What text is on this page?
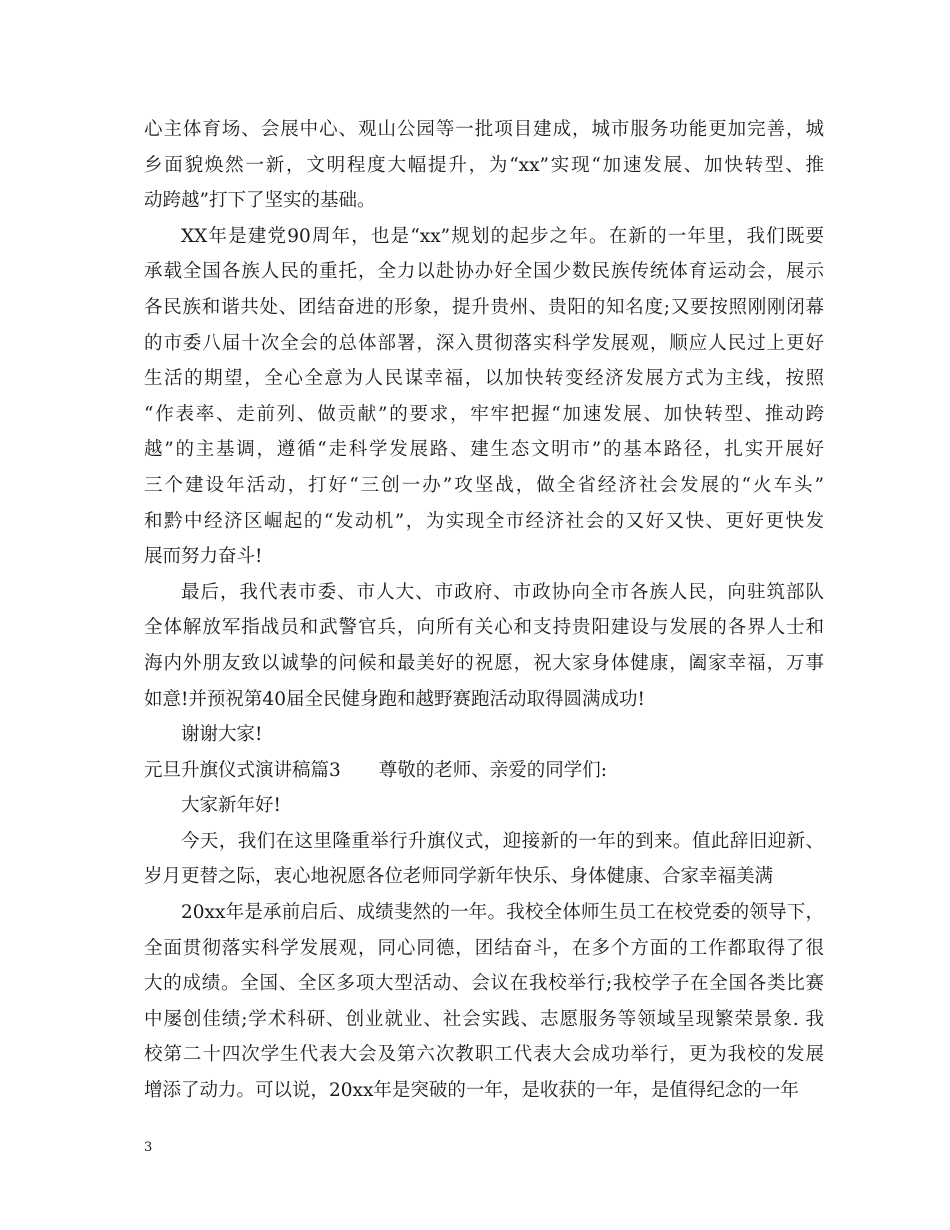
心主体育场、会展中心、观山公园等一批项目建成，城市服务功能更加完善，城
乡面貌焕然一新，文明程度大幅提升，为“xx”实现“加速发展、加快转型、推
动跨越”打下了坚实的基础。
XX年是建党90周年，也是“xx”规划的起步之年。在新的一年里，我们既要
承载全国各族人民的重托，全力以赴协办好全国少数民族传统体育运动会，展示
各民族和谐共处、团结奋进的形象，提升贵州、贵阳的知名度;又要按照刚刚闭幕
的市委八届十次全会的总体部署，深入贯彻落实科学发展观，顺应人民过上更好
生活的期望，全心全意为人民谋幸福，以加快转变经济发展方式为主线，按照
“作表率、走前列、做贡献”的要求，牢牢把握“加速发展、加快转型、推动跨
越”的主基调，遵循“走科学发展路、建生态文明市”的基本路径，扎实开展好
三个建设年活动，打好“三创一办”攻坚战，做全省经济社会发展的“火车头”
和黔中经济区崛起的“发动机”，为实现全市经济社会的又好又快、更好更快发
展而努力奋斗!
最后，我代表市委、市人大、市政府、市政协向全市各族人民，向驻筑部队
全体解放军指战员和武警官兵，向所有关心和支持贵阳建设与发展的各界人士和
海内外朋友致以诚挚的问候和最美好的祝愿，祝大家身体健康，阖家幸福，万事
如意!并预祝第40届全民健身跑和越野赛跑活动取得圆满成功!
谢谢大家!
元旦升旗仪式演讲稿篇3 尊敬的老师、亲爱的同学们:
大家新年好!
今天，我们在这里隆重举行升旗仪式，迎接新的一年的到来。值此辞旧迎新、
岁月更替之际，衷心地祝愿各位老师同学新年快乐、身体健康、合家幸福美满
20xx年是承前启后、成绩斐然的一年。我校全体师生员工在校党委的领导下，
全面贯彻落实科学发展观，同心同德，团结奋斗，在多个方面的工作都取得了很
大的成绩。全国、全区多项大型活动、会议在我校举行;我校学子在全国各类比赛
中屡创佳绩;学术科研、创业就业、社会实践、志愿服务等领域呈现繁荣景象. 我
校第二十四次学生代表大会及第六次教职工代表大会成功举行，更为我校的发展
增添了动力。可以说，20xx年是突破的一年，是收获的一年，是值得纪念的一年
3
